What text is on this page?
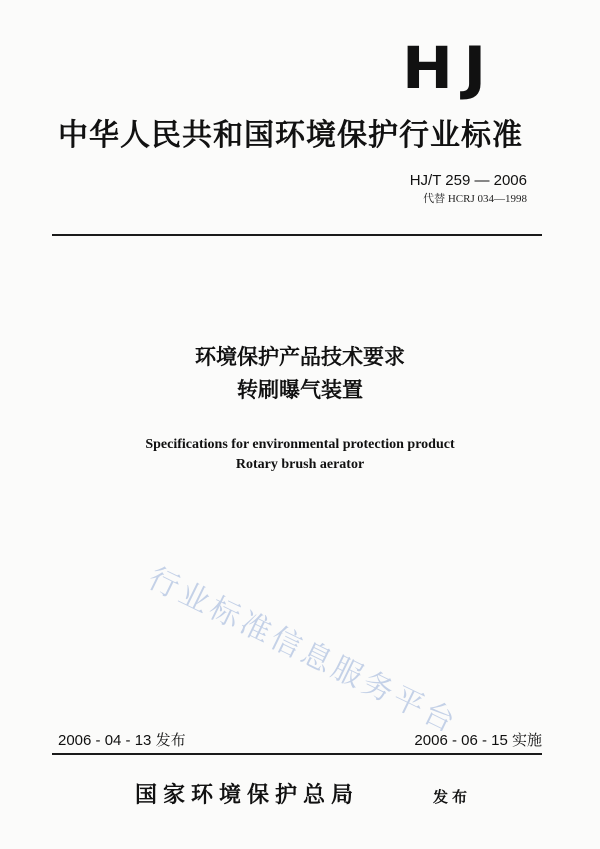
HJ
中华人民共和国环境保护行业标准
HJ/T 259 — 2006
代替 HCRJ 034—1998
环境保护产品技术要求
转刷曝气装置
Specifications for environmental protection product
Rotary brush aerator
行业标准信息服务平台
2006 - 04 - 13 发布	2006 - 06 - 15 实施
国家环境保护总局	发布
